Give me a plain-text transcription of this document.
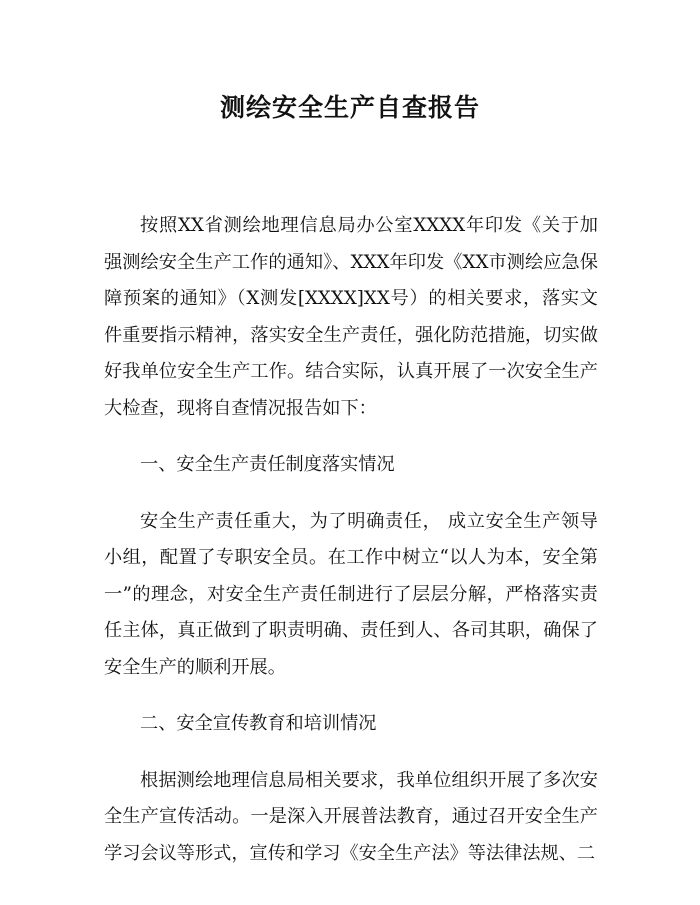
测绘安全生产自查报告

按照XX省测绘地理信息局办公室XXXX年印发《关于加强测绘安全生产工作的通知》、XXX年印发《XX市测绘应急保障预案的通知》（X测发[XXXX]XX号）的相关要求，落实文件重要指示精神，落实安全生产责任，强化防范措施，切实做好我单位安全生产工作。结合实际，认真开展了一次安全生产大检查，现将自查情况报告如下：

一、安全生产责任制度落实情况

安全生产责任重大，为了明确责任， 成立安全生产领导小组，配置了专职安全员。在工作中树立“以人为本，安全第一”的理念，对安全生产责任制进行了层层分解，严格落实责任主体，真正做到了职责明确、责任到人、各司其职，确保了安全生产的顺利开展。

二、安全宣传教育和培训情况

根据测绘地理信息局相关要求，我单位组织开展了多次安全生产宣传活动。一是深入开展普法教育，通过召开安全生产学习会议等形式，宣传和学习《安全生产法》等法律法规、二
